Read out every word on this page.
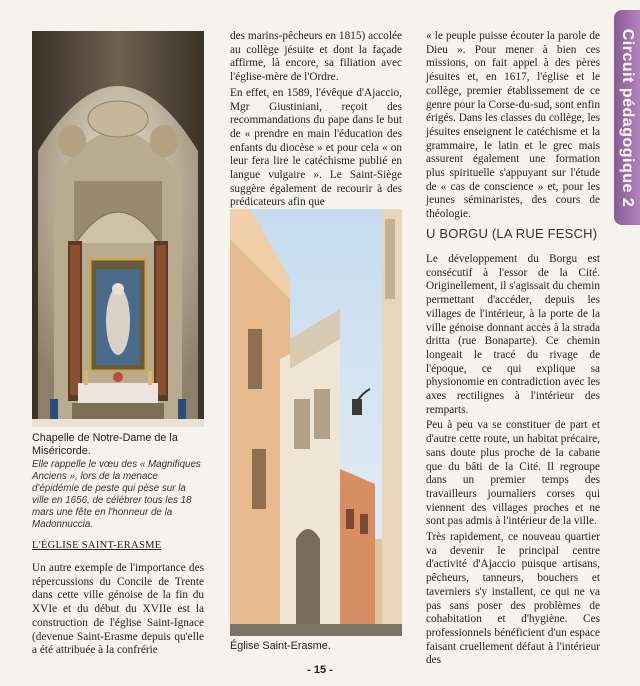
Circuit pédagogique 2
Chapelle de Notre-Dame de la Miséricorde.
Elle rappelle le vœu des « Magnifiques Anciens », lors de la menace d'épidémie de peste qui pèse sur la ville en 1656, de célébrer tous les 18 mars une fête en l'honneur de la Madonnuccia.
L'ÉGLISE SAINT-ERASME
Un autre exemple de l'importance des répercussions du Concile de Trente dans cette ville génoise de la fin du XVIe et du début du XVIIe est la construction de l'église Saint-Ignace (devenue Saint-Erasme depuis qu'elle a été attribuée à la confrérie

des marins-pêcheurs en 1815) accolée au collège jésuite et dont la façade affirme, là encore, sa filiation avec l'église-mère de l'Ordre.

En effet, en 1589, l'évêque d'Ajaccio, Mgr Giustiniani, reçoit des recommandations du pape dans le but de « prendre en main l'éducation des enfants du diocèse » et pour cela « on leur fera lire le catéchisme publié en langue vulgaire ». Le Saint-Siège suggère également de recourir à des prédicateurs afin que

Église Saint-Erasme.
« le peuple puisse écouter la parole de Dieu ». Pour mener à bien ces missions, on fait appel à des pères jésuites et, en 1617, l'église et le collège, premier établissement de ce genre pour la Corse-du-sud, sont enfin érigés. Dans les classes du collège, les jésuites enseignent le catéchisme et la grammaire, le latin et le grec mais assurent également une formation plus spirituelle s'appuyant sur l'étude de « cas de conscience » et, pour les jeunes séminaristes, des cours de théologie.
U BORGU (LA RUE FESCH)

Le développement du Borgu est consécutif à l'essor de la Cité. Originellement, il s'agissait du chemin permettant d'accéder, depuis les villages de l'intérieur, à la porte de la ville génoise donnant accès à la strada dritta (rue Bonaparte). Ce chemin longeait le tracé du rivage de l'époque, ce qui explique sa physionomie en contradiction avec les axes rectilignes à l'intérieur des remparts.

Peu à peu va se constituer de part et d'autre cette route, un habitat précaire, sans doute plus proche de la cabane que du bâti de la Cité. Il regroupe dans un premier temps des travailleurs journaliers corses qui viennent des villages proches et ne sont pas admis à l'intérieur de la ville.

Très rapidement, ce nouveau quartier va devenir le principal centre d'activité d'Ajaccio puisque artisans, pêcheurs, tanneurs, bouchers et taverniers s'y installent, ce qui ne va pas sans poser des problèmes de cohabitation et d'hygiène. Ces professionnels bénéficient d'un espace faisant cruellement défaut à l'intérieur des

- 15 -
